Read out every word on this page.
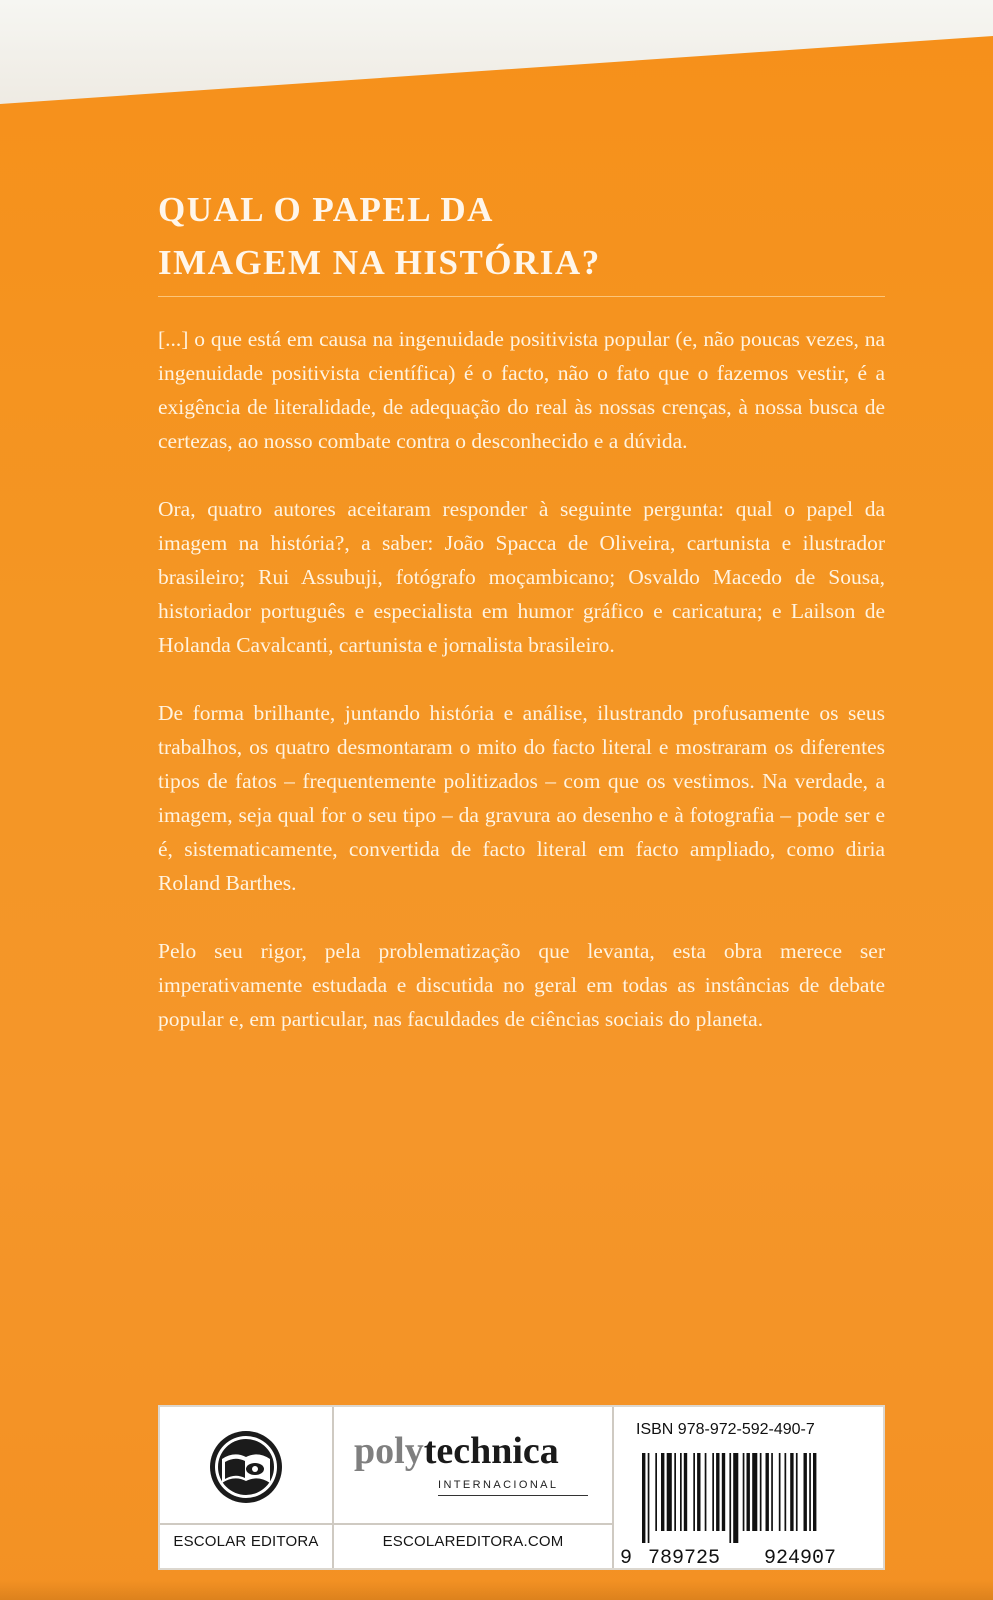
QUAL O PAPEL DA
IMAGEM NA HISTÓRIA?

[...] o que está em causa na ingenuidade positivista popular (e, não poucas vezes, na ingenuidade positivista científica) é o facto, não o fato que o fazemos vestir, é a exigência de literalidade, de adequação do real às nossas crenças, à nossa busca de certezas, ao nosso combate contra o desconhecido e a dúvida.

Ora, quatro autores aceitaram responder à seguinte pergunta: qual o papel da imagem na história?, a saber: João Spacca de Oliveira, cartunista e ilustrador brasileiro; Rui Assubuji, fotógrafo moçambicano; Osvaldo Macedo de Sousa, historiador português e especialista em humor gráfico e caricatura; e Lailson de Holanda Cavalcanti, cartunista e jornalista brasileiro.

De forma brilhante, juntando história e análise, ilustrando profusamente os seus trabalhos, os quatro desmontaram o mito do facto literal e mostraram os diferentes tipos de fatos – frequentemente politizados – com que os vestimos. Na verdade, a imagem, seja qual for o seu tipo – da gravura ao desenho e à fotografia – pode ser e é, sistematicamente, convertida de facto literal em facto ampliado, como diria Roland Barthes.

Pelo seu rigor, pela problematização que levanta, esta obra merece ser imperativamente estudada e discutida no geral em todas as instâncias de debate popular e, em particular, nas faculdades de ciências sociais do planeta.

ESCOLAR EDITORA
polytechnica
INTERNACIONAL
ESCOLAREDITORA.COM
ISBN 978-972-592-490-7
9 789725 924907
